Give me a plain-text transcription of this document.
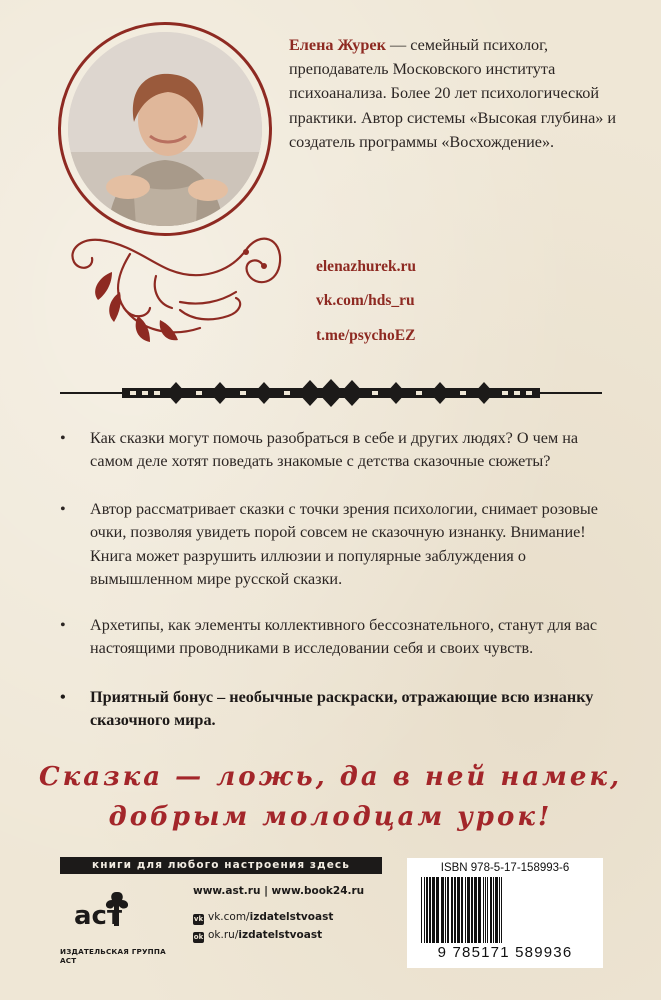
Елена Журек — семейный психолог, преподаватель Московского института психоанализа. Более 20 лет психологической практики. Автор системы «Высокая глубина» и создатель программы «Восхождение».
elenazhurek.ru
vk.com/hds_ru
t.me/psychoEZ
•	Как сказки могут помочь разобраться в себе и других людях? О чем на самом деле хотят поведать знакомые с детства сказочные сюжеты?
•	Автор рассматривает сказки с точки зрения психологии, снимает розовые очки, позволяя увидеть порой совсем не сказочную изнанку. Внимание! Книга может разрушить иллюзии и популярные заблуждения о вымышленном мире русской сказки.
•	Архетипы, как элементы коллективного бессознательного, станут для вас настоящими проводниками в исследовании себя и своих чувств.
•	Приятный бонус – необычные раскраски, отражающие всю изнанку сказочного мира.
Сказка — ложь, да в ней намек,
добрым молодцам урок!
книги для любого настроения здесь
аст
ИЗДАТЕЛЬСКАЯ ГРУППА АСТ
www.ast.ru | www.book24.ru
vk vk.com/izdatelstvoast
ok ok.ru/izdatelstvoast
ISBN 978-5-17-158993-6
9 785171 589936
